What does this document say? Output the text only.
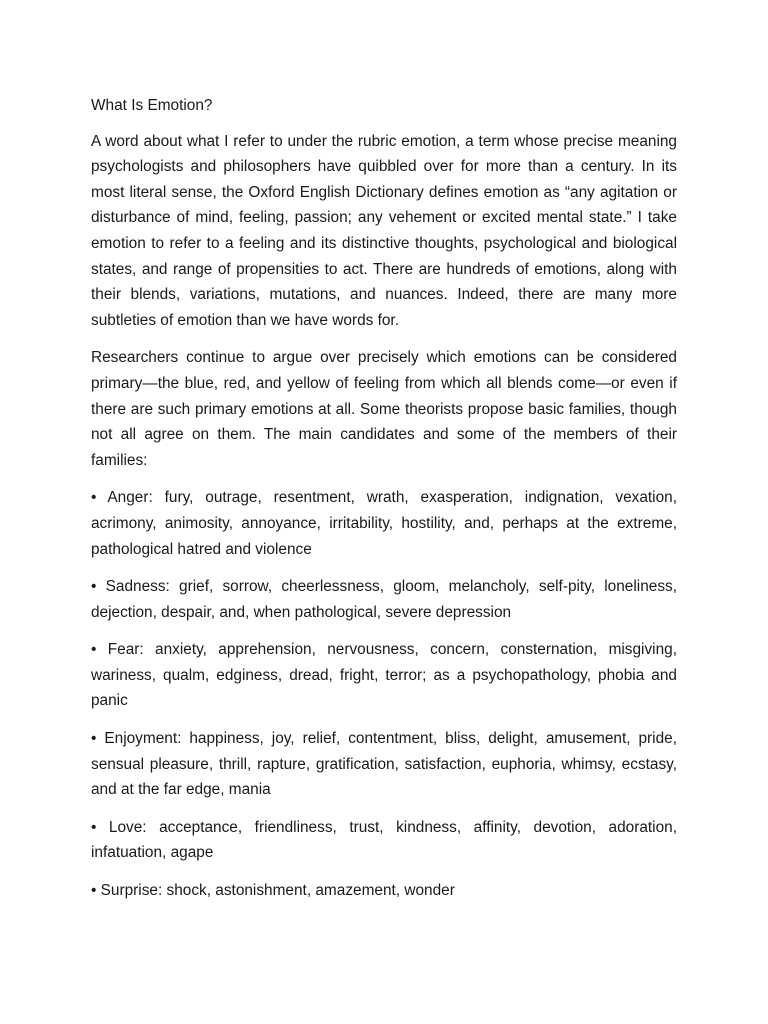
What Is Emotion?

A word about what I refer to under the rubric emotion, a term whose precise meaning psychologists and philosophers have quibbled over for more than a century. In its most literal sense, the Oxford English Dictionary defines emotion as “any agitation or disturbance of mind, feeling, passion; any vehement or excited mental state.” I take emotion to refer to a feeling and its distinctive thoughts, psychological and biological states, and range of propensities to act. There are hundreds of emotions, along with their blends, variations, mutations, and nuances. Indeed, there are many more subtleties of emotion than we have words for.

Researchers continue to argue over precisely which emotions can be considered primary—the blue, red, and yellow of feeling from which all blends come—or even if there are such primary emotions at all. Some theorists propose basic families, though not all agree on them. The main candidates and some of the members of their families:

• Anger: fury, outrage, resentment, wrath, exasperation, indignation, vexation, acrimony, animosity, annoyance, irritability, hostility, and, perhaps at the extreme, pathological hatred and violence

• Sadness: grief, sorrow, cheerlessness, gloom, melancholy, self-pity, loneliness, dejection, despair, and, when pathological, severe depression

• Fear: anxiety, apprehension, nervousness, concern, consternation, misgiving, wariness, qualm, edginess, dread, fright, terror; as a psychopathology, phobia and panic

• Enjoyment: happiness, joy, relief, contentment, bliss, delight, amusement, pride, sensual pleasure, thrill, rapture, gratification, satisfaction, euphoria, whimsy, ecstasy, and at the far edge, mania

• Love: acceptance, friendliness, trust, kindness, affinity, devotion, adoration, infatuation, agape

• Surprise: shock, astonishment, amazement, wonder
